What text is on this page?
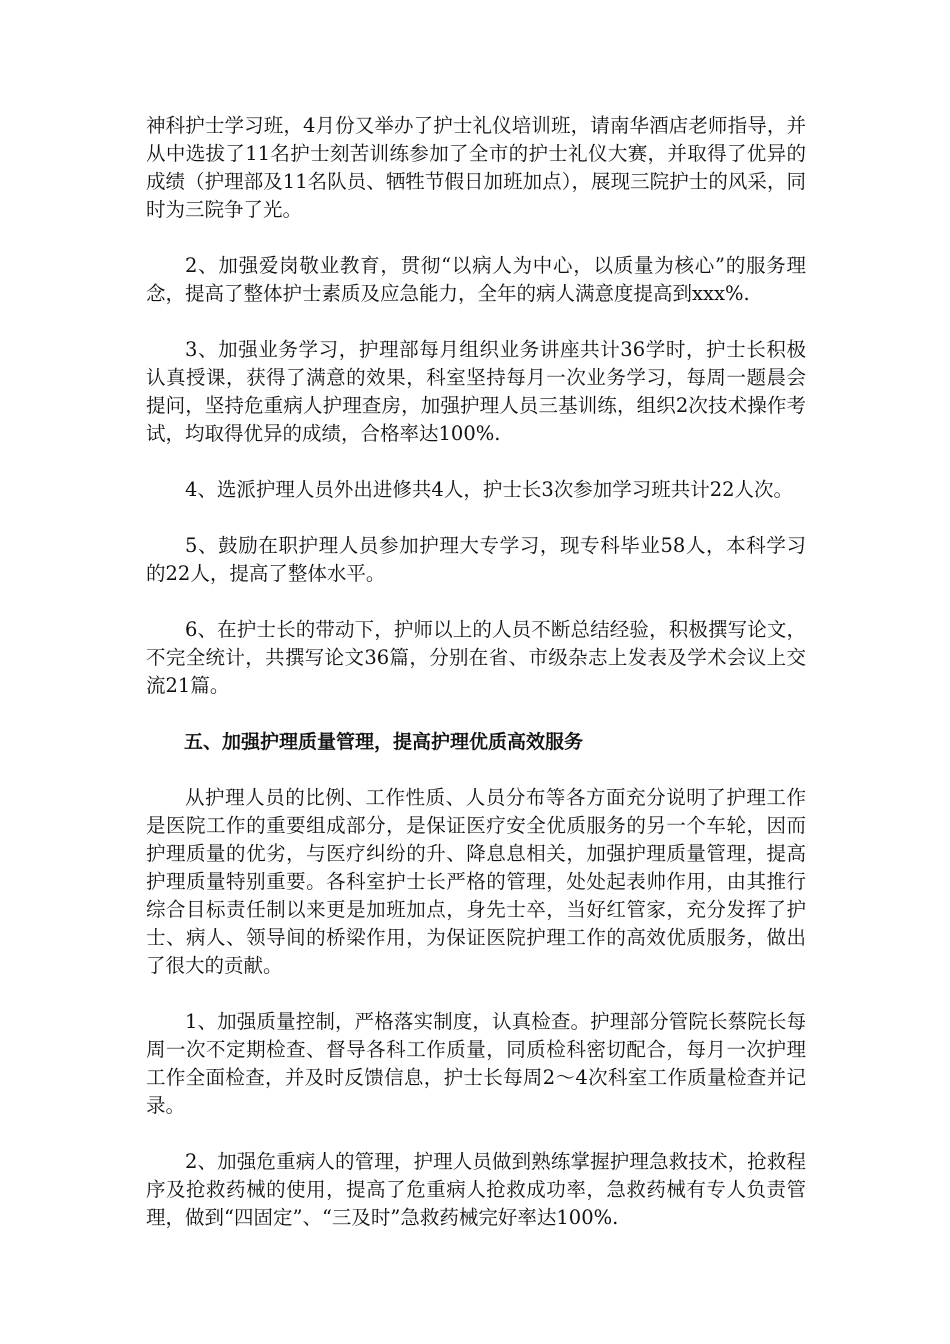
神科护士学习班，4月份又举办了护士礼仪培训班，请南华酒店老师指导，并从中选拔了11名护士刻苦训练参加了全市的护士礼仪大赛，并取得了优异的成绩（护理部及11名队员、牺牲节假日加班加点），展现三院护士的风采，同时为三院争了光。

2、加强爱岗敬业教育，贯彻“以病人为中心，以质量为核心”的服务理念，提高了整体护士素质及应急能力，全年的病人满意度提高到xxx%.

3、加强业务学习，护理部每月组织业务讲座共计36学时，护士长积极认真授课，获得了满意的效果，科室坚持每月一次业务学习，每周一题晨会提问，坚持危重病人护理查房，加强护理人员三基训练，组织2次技术操作考试，均取得优异的成绩，合格率达100%.

4、选派护理人员外出进修共4人，护士长3次参加学习班共计22人次。

5、鼓励在职护理人员参加护理大专学习，现专科毕业58人，本科学习的22人，提高了整体水平。

6、在护士长的带动下，护师以上的人员不断总结经验，积极撰写论文，不完全统计，共撰写论文36篇，分别在省、市级杂志上发表及学术会议上交流21篇。

五、加强护理质量管理，提高护理优质高效服务

从护理人员的比例、工作性质、人员分布等各方面充分说明了护理工作是医院工作的重要组成部分，是保证医疗安全优质服务的另一个车轮，因而护理质量的优劣，与医疗纠纷的升、降息息相关，加强护理质量管理，提高护理质量特别重要。各科室护士长严格的管理，处处起表帅作用，由其推行综合目标责任制以来更是加班加点，身先士卒，当好红管家，充分发挥了护士、病人、领导间的桥梁作用，为保证医院护理工作的高效优质服务，做出了很大的贡献。

1、加强质量控制，严格落实制度，认真检查。护理部分管院长蔡院长每周一次不定期检查、督导各科工作质量，同质检科密切配合，每月一次护理工作全面检查，并及时反馈信息，护士长每周2～4次科室工作质量检查并记录。

2、加强危重病人的管理，护理人员做到熟练掌握护理急救技术，抢救程序及抢救药械的使用，提高了危重病人抢救成功率，急救药械有专人负责管理，做到“四固定”、“三及时”急救药械完好率达100%.
